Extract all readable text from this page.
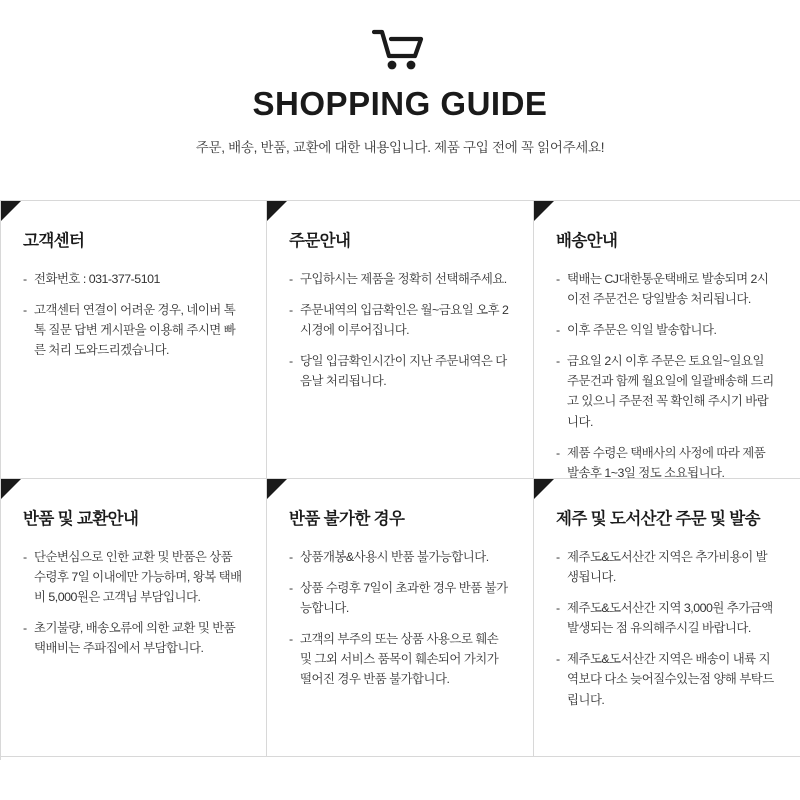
SHOPPING GUIDE

주문, 배송, 반품, 교환에 대한 내용입니다. 제품 구입 전에 꼭 읽어주세요!

고객센터
- 전화번호 : 031-377-5101
- 고객센터 연결이 어려운 경우, 네이버 톡톡 질문 답변 게시판을 이용해 주시면 빠른 처리 도와드리겠습니다.
주문안내
- 구입하시는 제품을 정확히 선택해주세요.
- 주문내역의 입금확인은 월~금요일 오후 2시경에 이루어집니다.
- 당일 입금확인시간이 지난 주문내역은 다음날 처리됩니다.
배송안내
- 택배는 CJ대한통운택배로 발송되며 2시이전 주문건은 당일발송 처리됩니다.
- 이후 주문은 익일 발송합니다.
- 금요일 2시 이후 주문은 토요일~일요일 주문건과 함께 월요일에 일괄배송해 드리고 있으니 주문전 꼭 확인해 주시기 바랍니다.
- 제품 수령은 택배사의 사정에 따라 제품 발송후 1~3일 정도 소요됩니다.
반품 및 교환안내
- 단순변심으로 인한 교환 및 반품은 상품 수령후 7일 이내에만 가능하며, 왕복 택배비 5,000원은 고객님 부담입니다.
- 초기불량, 배송오류에 의한 교환 및 반품 택배비는 주파집에서 부담합니다.
반품 불가한 경우
- 상품개봉&사용시 반품 불가능합니다.
- 상품 수령후 7일이 초과한 경우 반품 불가능합니다.
- 고객의 부주의 또는 상품 사용으로 훼손 및 그외 서비스 품목이 훼손되어 가치가 떨어진 경우 반품 불가합니다.
제주 및 도서산간 주문 및 발송
- 제주도&도서산간 지역은 추가비용이 발생됩니다.
- 제주도&도서산간 지역 3,000원 추가금액 발생되는 점 유의해주시길 바랍니다.
- 제주도&도서산간 지역은 배송이 내륙 지역보다 다소 늦어질수있는점 양해 부탁드립니다.
